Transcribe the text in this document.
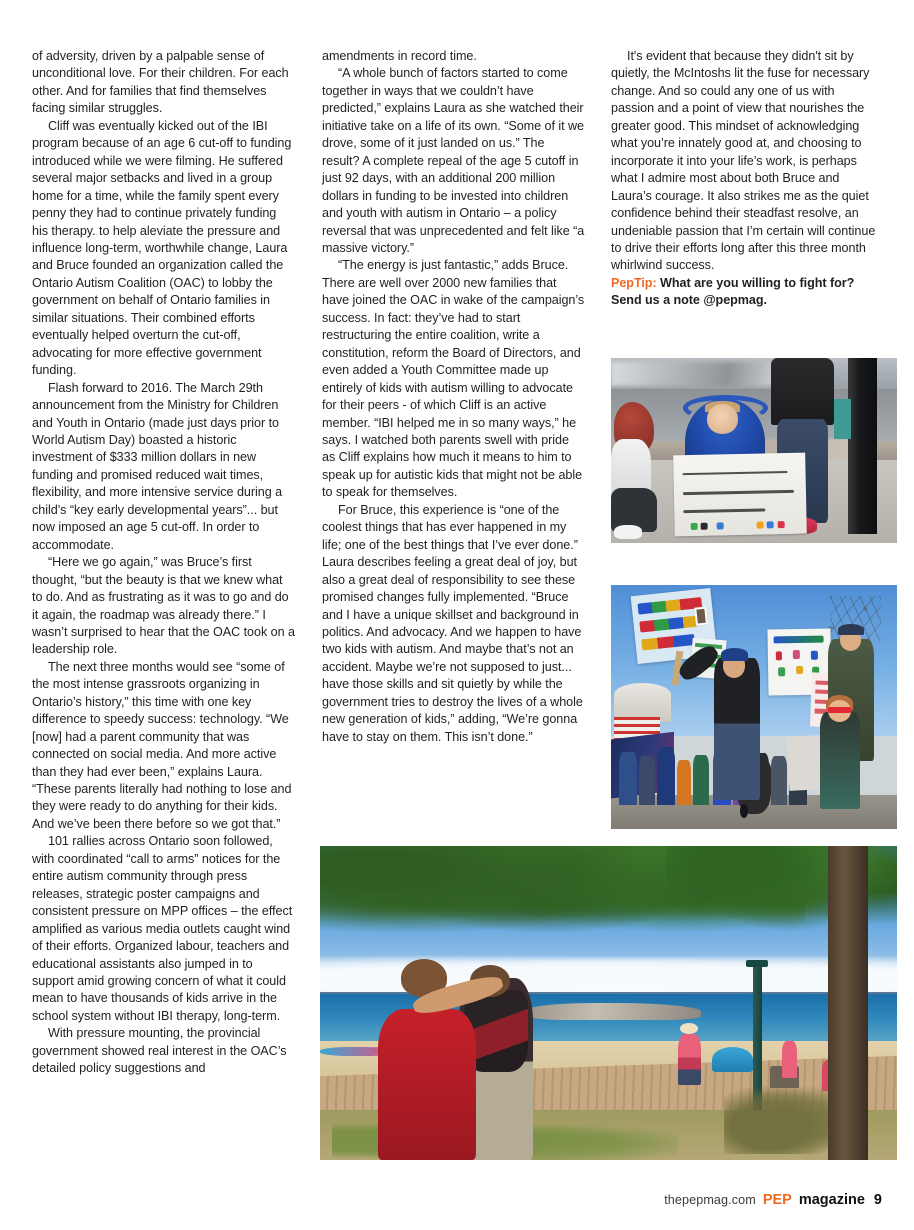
of adversity, driven by a palpable sense of unconditional love. For their children. For each other. And for families that find themselves facing similar struggles.

Cliff was eventually kicked out of the IBI program because of an age 6 cut-off to funding introduced while we were filming. He suffered several major setbacks and lived in a group home for a time, while the family spent every penny they had to continue privately funding his therapy. to help aleviate the pressure and influence long-term, worthwhile change, Laura and Bruce founded an organization called the Ontario Autism Coalition (OAC) to lobby the government on behalf of Ontario families in similar situations. Their combined efforts eventually helped overturn the cut-off, advocating for more effective government funding.

Flash forward to 2016. The March 29th announcement from the Ministry for Children and Youth in Ontario (made just days prior to World Autism Day) boasted a historic investment of $333 million dollars in new funding and promised reduced wait times, flexibility, and more intensive service during a child’s “key early developmental years”... but now imposed an age 5 cut-off. In order to accommodate.

“Here we go again,” was Bruce’s first thought, “but the beauty is that we knew what to do. And as frustrating as it was to go and do it again, the roadmap was already there.” I wasn’t surprised to hear that the OAC took on a leadership role.

The next three months would see “some of the most intense grassroots organizing in Ontario’s history,” this time with one key difference to speedy success: technology. “We [now] had a parent community that was connected on social media. And more active than they had ever been,” explains Laura. “These parents literally had nothing to lose and they were ready to do anything for their kids. And we’ve been there before so we got that.”

101 rallies across Ontario soon followed, with coordinated “call to arms” notices for the entire autism community through press releases, strategic poster campaigns and consistent pressure on MPP offices – the effect amplified as various media outlets caught wind of their efforts. Organized labour, teachers and educational assistants also jumped in to support amid growing concern of what it could mean to have thousands of kids arrive in the school system without IBI therapy, long-term.

With pressure mounting, the provincial government showed real interest in the OAC’s detailed policy suggestions and

amendments in record time.

“A whole bunch of factors started to come together in ways that we couldn’t have predicted,” explains Laura as she watched their initiative take on a life of its own. “Some of it we drove, some of it just landed on us.” The result? A complete repeal of the age 5 cutoff in just 92 days, with an additional 200 million dollars in funding to be invested into children and youth with autism in Ontario – a policy reversal that was unprecedented and felt like “a massive victory.”

“The energy is just fantastic,” adds Bruce. There are well over 2000 new families that have joined the OAC in wake of the campaign’s success. In fact: they’ve had to start restructuring the entire coalition, write a constitution, reform the Board of Directors, and even added a Youth Committee made up entirely of kids with autism willing to advocate for their peers - of which Cliff is an active member. “IBI helped me in so many ways,” he says. I watched both parents swell with pride as Cliff explains how much it means to him to speak up for autistic kids that might not be able to speak for themselves.

For Bruce, this experience is “one of the coolest things that has ever happened in my life; one of the best things that I’ve ever done.” Laura describes feeling a great deal of joy, but also a great deal of responsibility to see these promised changes fully implemented. “Bruce and I have a unique skillset and background in politics. And advocacy. And we happen to have two kids with autism. And maybe that’s not an accident. Maybe we’re not supposed to just... have those skills and sit quietly by while the government tries to destroy the lives of a whole new generation of kids,” adding, “We’re gonna have to stay on them. This isn’t done.”

It's evident that because they didn't sit by quietly, the McIntoshs lit the fuse for necessary change. And so could any one of us with passion and a point of view that nourishes the greater good. This mindset of acknowledging what you’re innately good at, and choosing to incorporate it into your life’s work, is perhaps what I admire most about both Bruce and Laura’s courage. It also strikes me as the quiet confidence behind their steadfast resolve, an undeniable passion that I’m certain will continue to drive their efforts long after this three month whirlwind success.

PepTip: What are you willing to fight for? Send us a note @pepmag.

thepepmag.com PEP magazine 9
